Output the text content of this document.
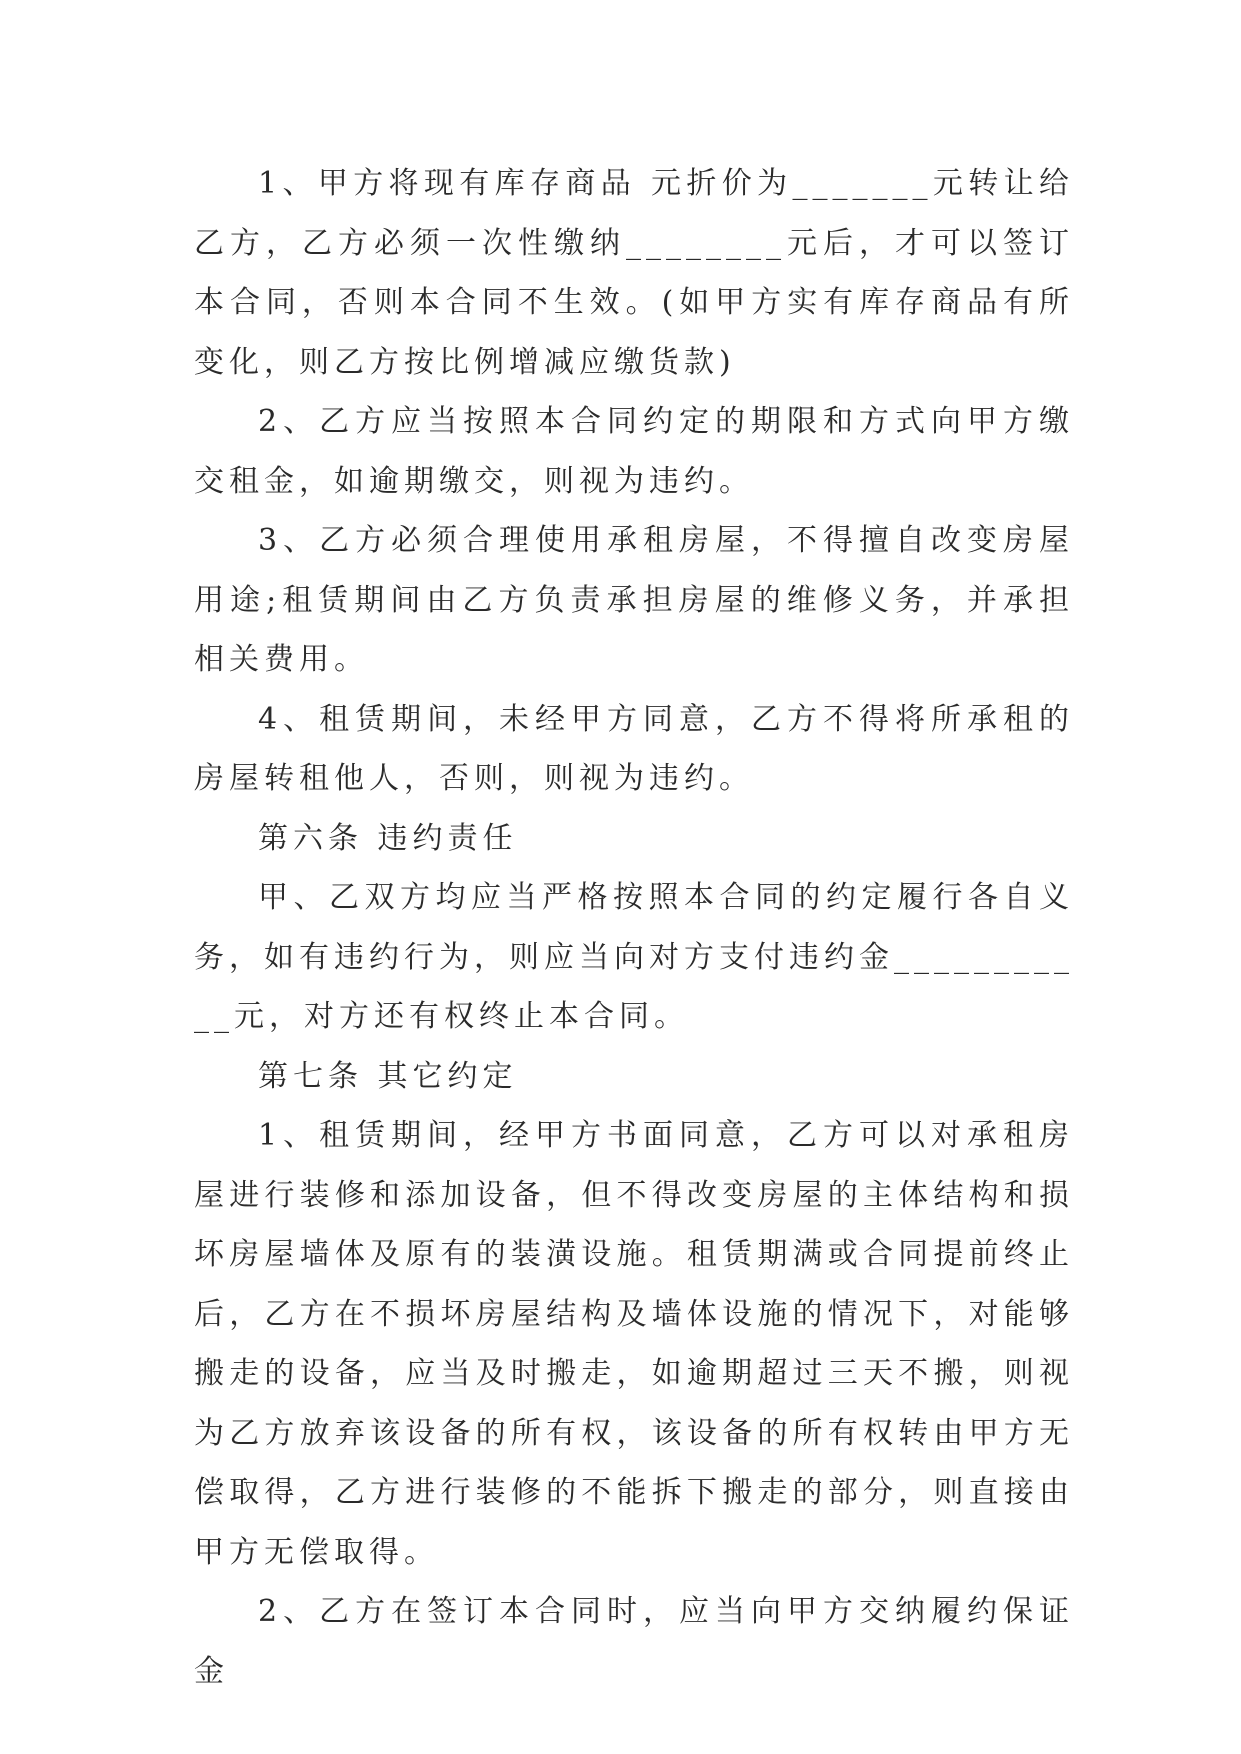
1、甲方将现有库存商品 元折价为_______元转让给乙方，乙方必须一次性缴纳________元后，才可以签订本合同，否则本合同不生效。(如甲方实有库存商品有所变化，则乙方按比例增减应缴货款)

2、乙方应当按照本合同约定的期限和方式向甲方缴交租金，如逾期缴交，则视为违约。

3、乙方必须合理使用承租房屋，不得擅自改变房屋用途;租赁期间由乙方负责承担房屋的维修义务，并承担相关费用。

4、租赁期间，未经甲方同意，乙方不得将所承租的房屋转租他人，否则，则视为违约。

第六条 违约责任

甲、乙双方均应当严格按照本合同的约定履行各自义务，如有违约行为，则应当向对方支付违约金___________元，对方还有权终止本合同。

第七条 其它约定

1、租赁期间，经甲方书面同意，乙方可以对承租房屋进行装修和添加设备，但不得改变房屋的主体结构和损坏房屋墙体及原有的装潢设施。租赁期满或合同提前终止后，乙方在不损坏房屋结构及墙体设施的情况下，对能够搬走的设备，应当及时搬走，如逾期超过三天不搬，则视为乙方放弃该设备的所有权，该设备的所有权转由甲方无偿取得，乙方进行装修的不能拆下搬走的部分，则直接由甲方无偿取得。

2、乙方在签订本合同时，应当向甲方交纳履约保证金
